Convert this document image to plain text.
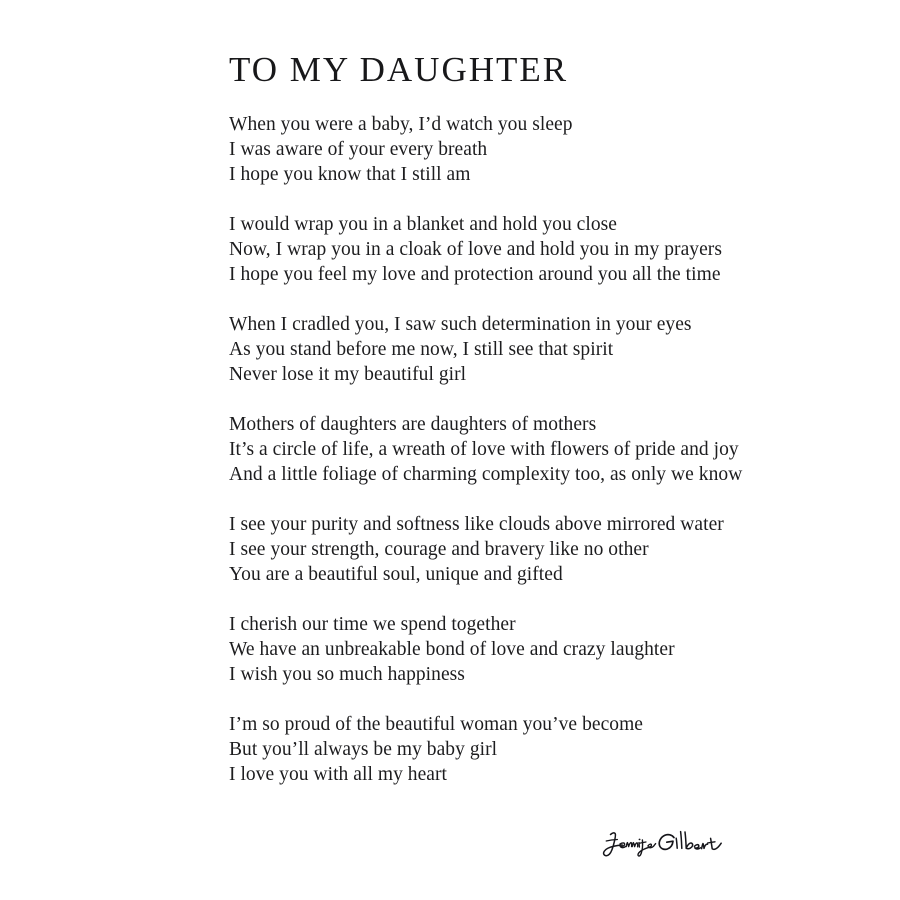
TO MY DAUGHTER
When you were a baby, I’d watch you sleep
I was aware of your every breath
I hope you know that I still am
I would wrap you in a blanket and hold you close
Now, I wrap you in a cloak of love and hold you in my prayers
I hope you feel my love and protection around you all the time
When I cradled you, I saw such determination in your eyes
As you stand before me now, I still see that spirit
Never lose it my beautiful girl
Mothers of daughters are daughters of mothers
It’s a circle of life, a wreath of love with flowers of pride and joy
And a little foliage of charming complexity too, as only we know
I see your purity and softness like clouds above mirrored water
I see your strength, courage and bravery like no other
You are a beautiful soul, unique and gifted
I cherish our time we spend together
We have an unbreakable bond of love and crazy laughter
I wish you so much happiness
I’m so proud of the beautiful woman you’ve become
But you’ll always be my baby girl
I love you with all my heart
